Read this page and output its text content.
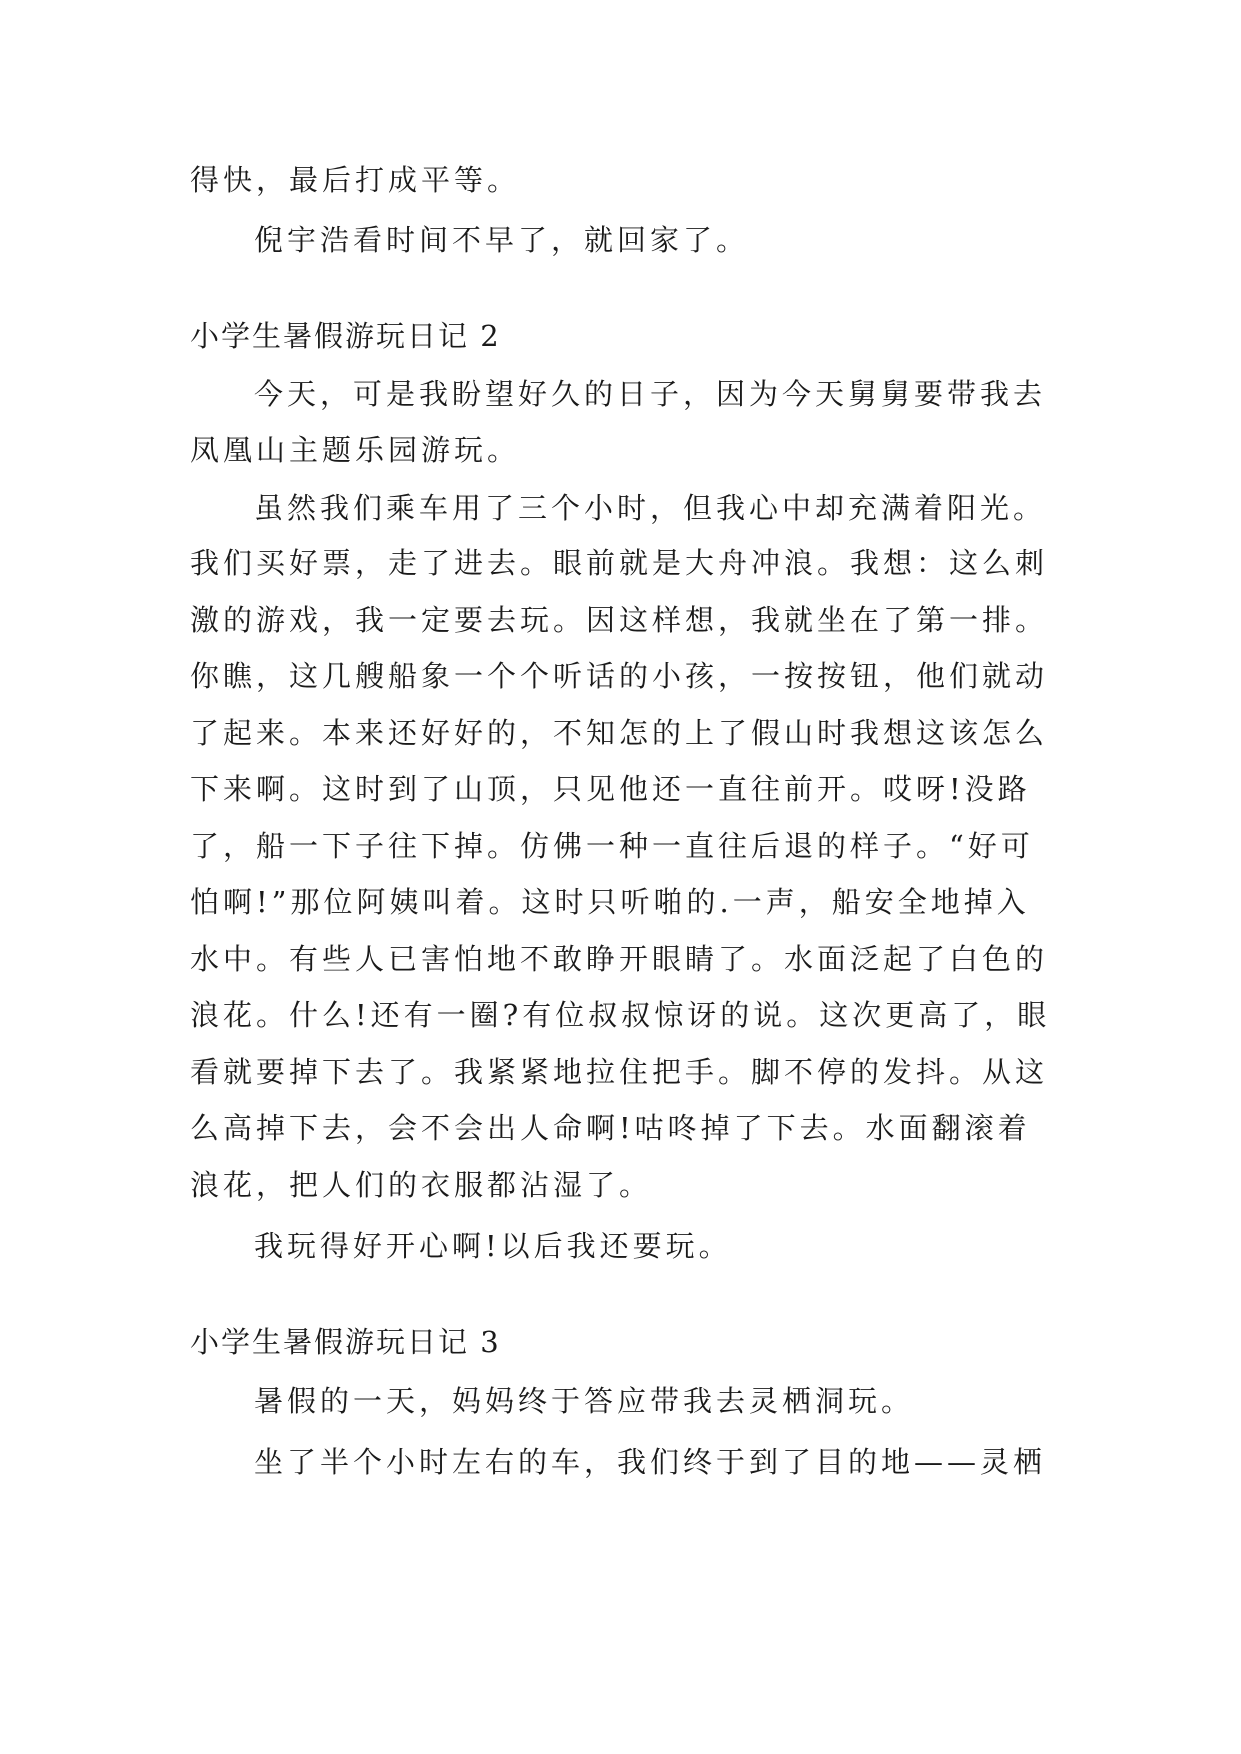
得快，最后打成平等。
倪宇浩看时间不早了，就回家了。
小学生暑假游玩日记 2
今天，可是我盼望好久的日子，因为今天舅舅要带我去
凤凰山主题乐园游玩。
虽然我们乘车用了三个小时，但我心中却充满着阳光。
我们买好票，走了进去。眼前就是大舟冲浪。我想：这么刺
激的游戏，我一定要去玩。因这样想，我就坐在了第一排。
你瞧，这几艘船象一个个听话的小孩，一按按钮，他们就动
了起来。本来还好好的，不知怎的上了假山时我想这该怎么
下来啊。这时到了山顶，只见他还一直往前开。哎呀!没路
了，船一下子往下掉。仿佛一种一直往后退的样子。“好可
怕啊!”那位阿姨叫着。这时只听啪的.一声，船安全地掉入
水中。有些人已害怕地不敢睁开眼睛了。水面泛起了白色的
浪花。什么!还有一圈?有位叔叔惊讶的说。这次更高了，眼
看就要掉下去了。我紧紧地拉住把手。脚不停的发抖。从这
么高掉下去，会不会出人命啊!咕咚掉了下去。水面翻滚着
浪花，把人们的衣服都沾湿了。
我玩得好开心啊!以后我还要玩。
小学生暑假游玩日记 3
暑假的一天，妈妈终于答应带我去灵栖洞玩。
坐了半个小时左右的车，我们终于到了目的地——灵栖
